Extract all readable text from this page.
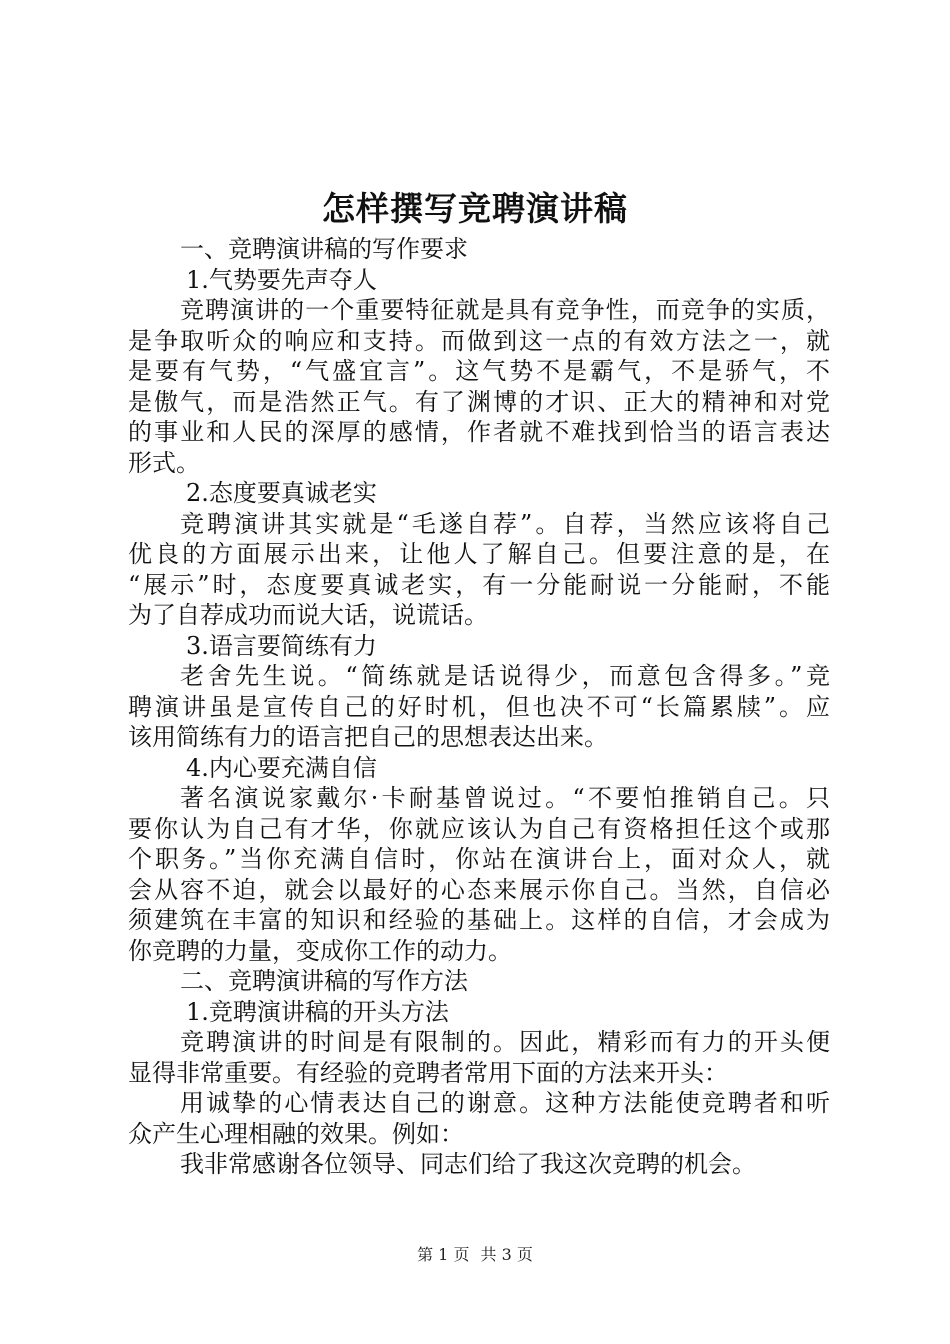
怎样撰写竞聘演讲稿

一、竞聘演讲稿的写作要求

1.气势要先声夺人

竞聘演讲的一个重要特征就是具有竞争性，而竞争的实质，

是争取听众的响应和支持。而做到这一点的有效方法之一，就

是要有气势，“气盛宜言”。这气势不是霸气，不是骄气，不

是傲气，而是浩然正气。有了渊博的才识、正大的精神和对党

的事业和人民的深厚的感情，作者就不难找到恰当的语言表达

形式。

2.态度要真诚老实

竞聘演讲其实就是“毛遂自荐”。自荐，当然应该将自己

优良的方面展示出来，让他人了解自己。但要注意的是，在

“展示”时，态度要真诚老实，有一分能耐说一分能耐，不能

为了自荐成功而说大话，说谎话。

3.语言要简练有力

老舍先生说。“简练就是话说得少，而意包含得多。”竞

聘演讲虽是宣传自己的好时机，但也决不可“长篇累牍”。应

该用简练有力的语言把自己的思想表达出来。

4.内心要充满自信

著名演说家戴尔·卡耐基曾说过。“不要怕推销自己。只

要你认为自己有才华，你就应该认为自己有资格担任这个或那

个职务。”当你充满自信时，你站在演讲台上，面对众人，就

会从容不迫，就会以最好的心态来展示你自己。当然，自信必

须建筑在丰富的知识和经验的基础上。这样的自信，才会成为

你竞聘的力量，变成你工作的动力。

二、竞聘演讲稿的写作方法

1.竞聘演讲稿的开头方法

竞聘演讲的时间是有限制的。因此，精彩而有力的开头便

显得非常重要。有经验的竞聘者常用下面的方法来开头：

用诚挚的心情表达自己的谢意。这种方法能使竞聘者和听

众产生心理相融的效果。例如：

我非常感谢各位领导、同志们给了我这次竞聘的机会。

第 1 页 共 3 页
